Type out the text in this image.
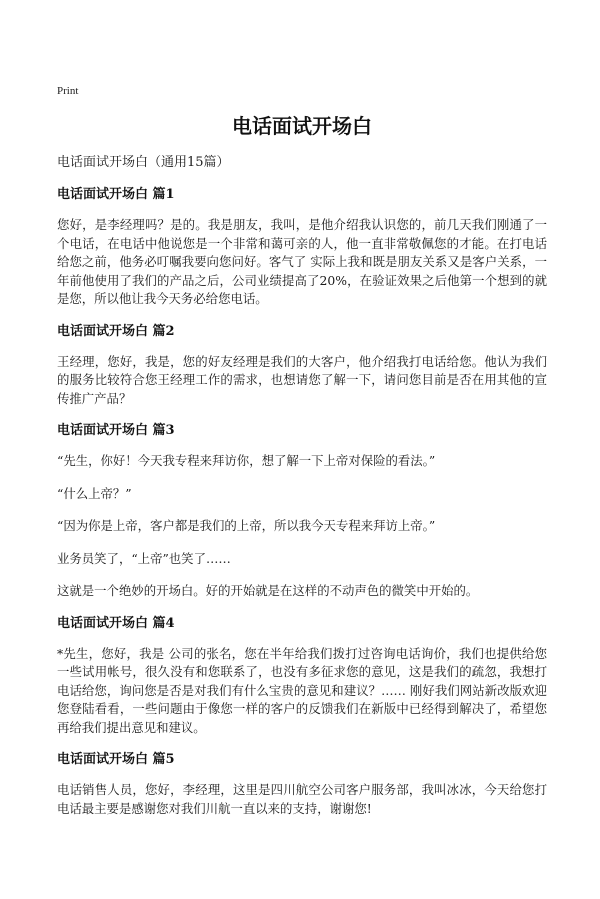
Print
电话面试开场白
电话面试开场白（通用15篇）
电话面试开场白 篇1

您好，是李经理吗？是的。我是朋友，我叫，是他介绍我认识您的，前几天我们刚通了一个电话，在电话中他说您是一个非常和蔼可亲的人，他一直非常敬佩您的才能。在打电话给您之前，他务必叮嘱我要向您问好。客气了 实际上我和既是朋友关系又是客户关系，一年前他使用了我们的产品之后，公司业绩提高了20%，在验证效果之后他第一个想到的就是您，所以他让我今天务必给您电话。

电话面试开场白 篇2

王经理，您好，我是，您的好友经理是我们的大客户，他介绍我打电话给您。他认为我们的服务比较符合您王经理工作的需求，也想请您了解一下，请问您目前是否在用其他的宣传推广产品？

电话面试开场白 篇3

“先生，你好！今天我专程来拜访你，想了解一下上帝对保险的看法。”

“什么上帝？”

“因为你是上帝，客户都是我们的上帝，所以我今天专程来拜访上帝。”

业务员笑了，“上帝”也笑了……

这就是一个绝妙的开场白。好的开始就是在这样的不动声色的微笑中开始的。

电话面试开场白 篇4

*先生，您好，我是 公司的张名，您在半年给我们拨打过咨询电话询价，我们也提供给您一些试用帐号，很久没有和您联系了，也没有多征求您的意见，这是我们的疏忽，我想打电话给您，询问您是否是对我们有什么宝贵的意见和建议？…… 刚好我们网站新改版欢迎您登陆看看，一些问题由于像您一样的客户的反馈我们在新版中已经得到解决了，希望您再给我们提出意见和建议。

电话面试开场白 篇5

电话销售人员，您好，李经理，这里是四川航空公司客户服务部，我叫冰冰，今天给您打电话最主要是感谢您对我们川航一直以来的支持，谢谢您!
